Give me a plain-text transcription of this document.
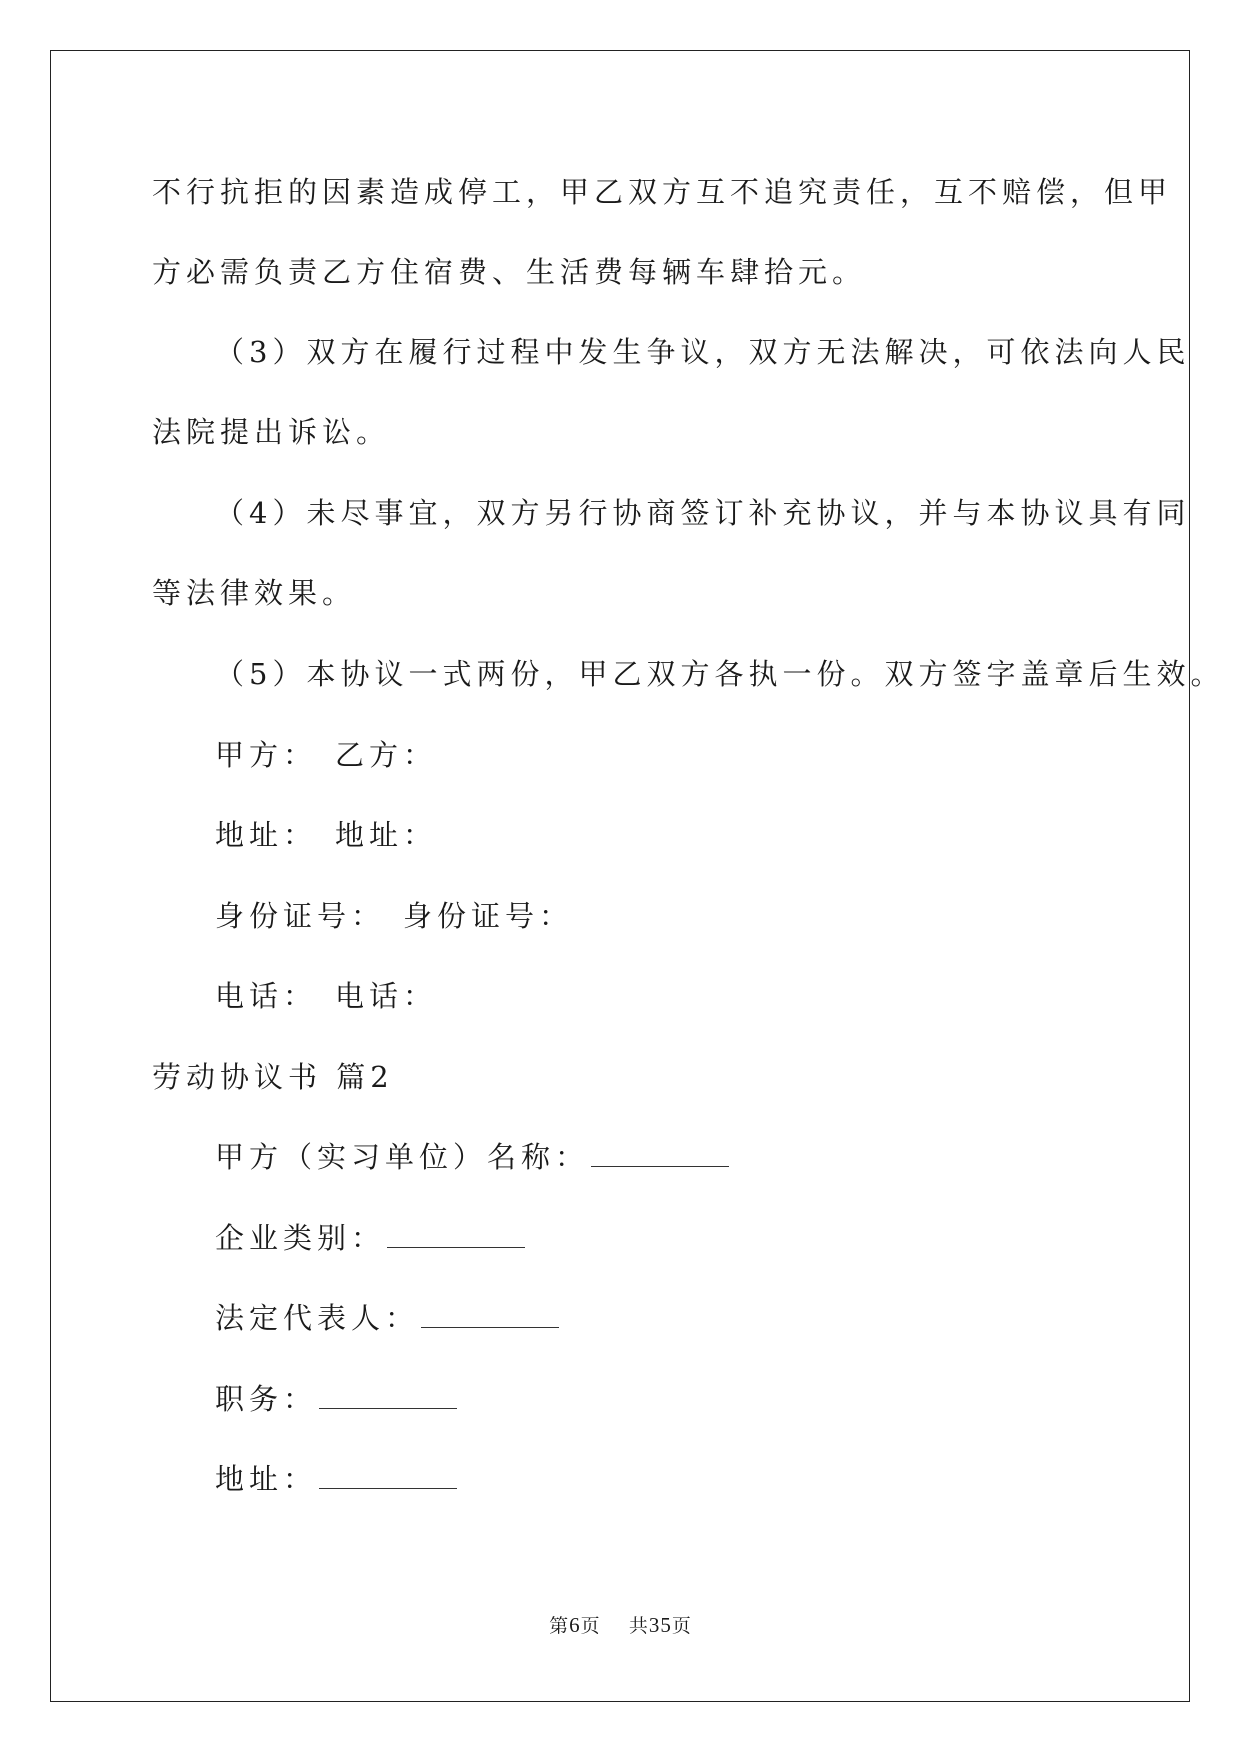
不行抗拒的因素造成停工，甲乙双方互不追究责任，互不赔偿，但甲
方必需负责乙方住宿费、生活费每辆车肆拾元。
（3）双方在履行过程中发生争议，双方无法解决，可依法向人民
法院提出诉讼。
（4）未尽事宜，双方另行协商签订补充协议，并与本协议具有同
等法律效果。
（5）本协议一式两份，甲乙双方各执一份。双方签字盖章后生效。
甲方： 乙方：
地址： 地址：
身份证号： 身份证号：
电话： 电话：
劳动协议书 篇2
甲方（实习单位）名称：
企业类别：
法定代表人：
职务：
地址：
第6页 共35页
